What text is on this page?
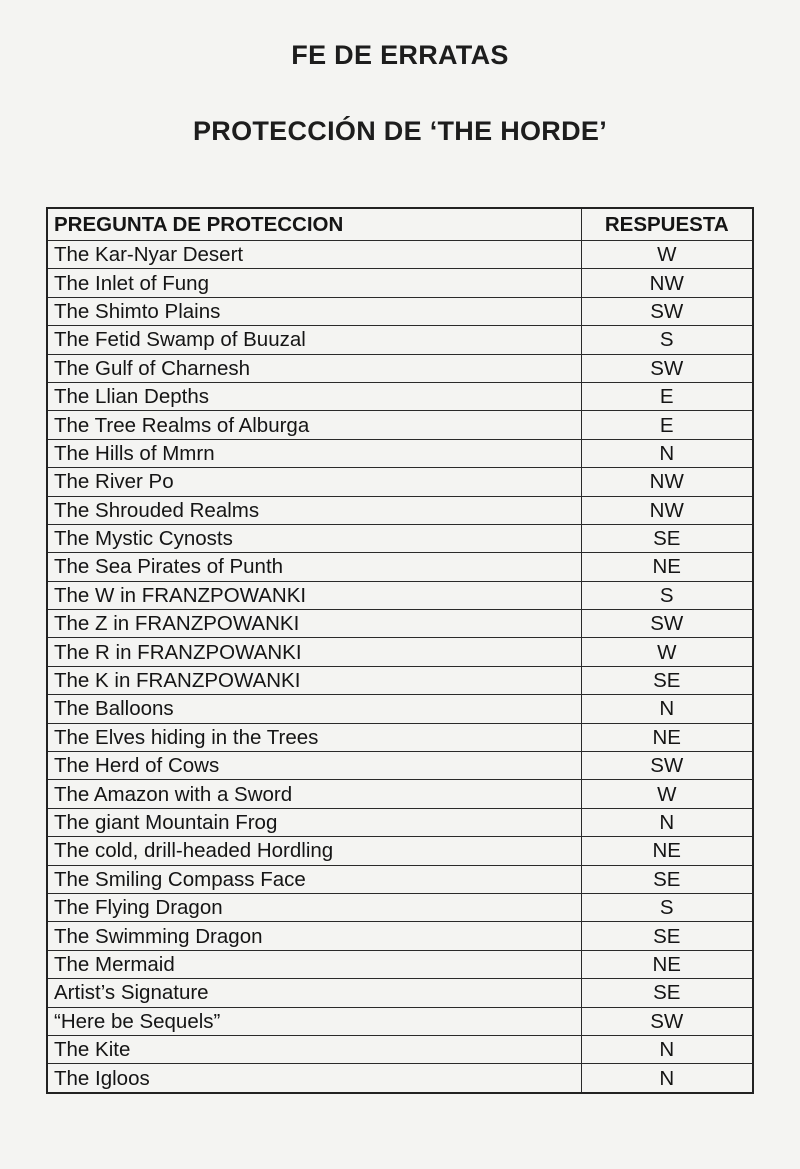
FE DE ERRATAS
PROTECCIÓN DE ‘THE HORDE’
PREGUNTA DE PROTECCION	RESPUESTA
The Kar-Nyar Desert	W
The Inlet of Fung	NW
The Shimto Plains	SW
The Fetid Swamp of Buuzal	S
The Gulf of Charnesh	SW
The Llian Depths	E
The Tree Realms of Alburga	E
The Hills of Mmrn	N
The River Po	NW
The Shrouded Realms	NW
The Mystic Cynosts	SE
The Sea Pirates of Punth	NE
The W in FRANZPOWANKI	S
The Z in FRANZPOWANKI	SW
The R in FRANZPOWANKI	W
The K in FRANZPOWANKI	SE
The Balloons	N
The Elves hiding in the Trees	NE
The Herd of Cows	SW
The Amazon with a Sword	W
The giant Mountain Frog	N
The cold, drill-headed Hordling	NE
The Smiling Compass Face	SE
The Flying Dragon	S
The Swimming Dragon	SE
The Mermaid	NE
Artist’s Signature	SE
“Here be Sequels”	SW
The Kite	N
The Igloos	N
